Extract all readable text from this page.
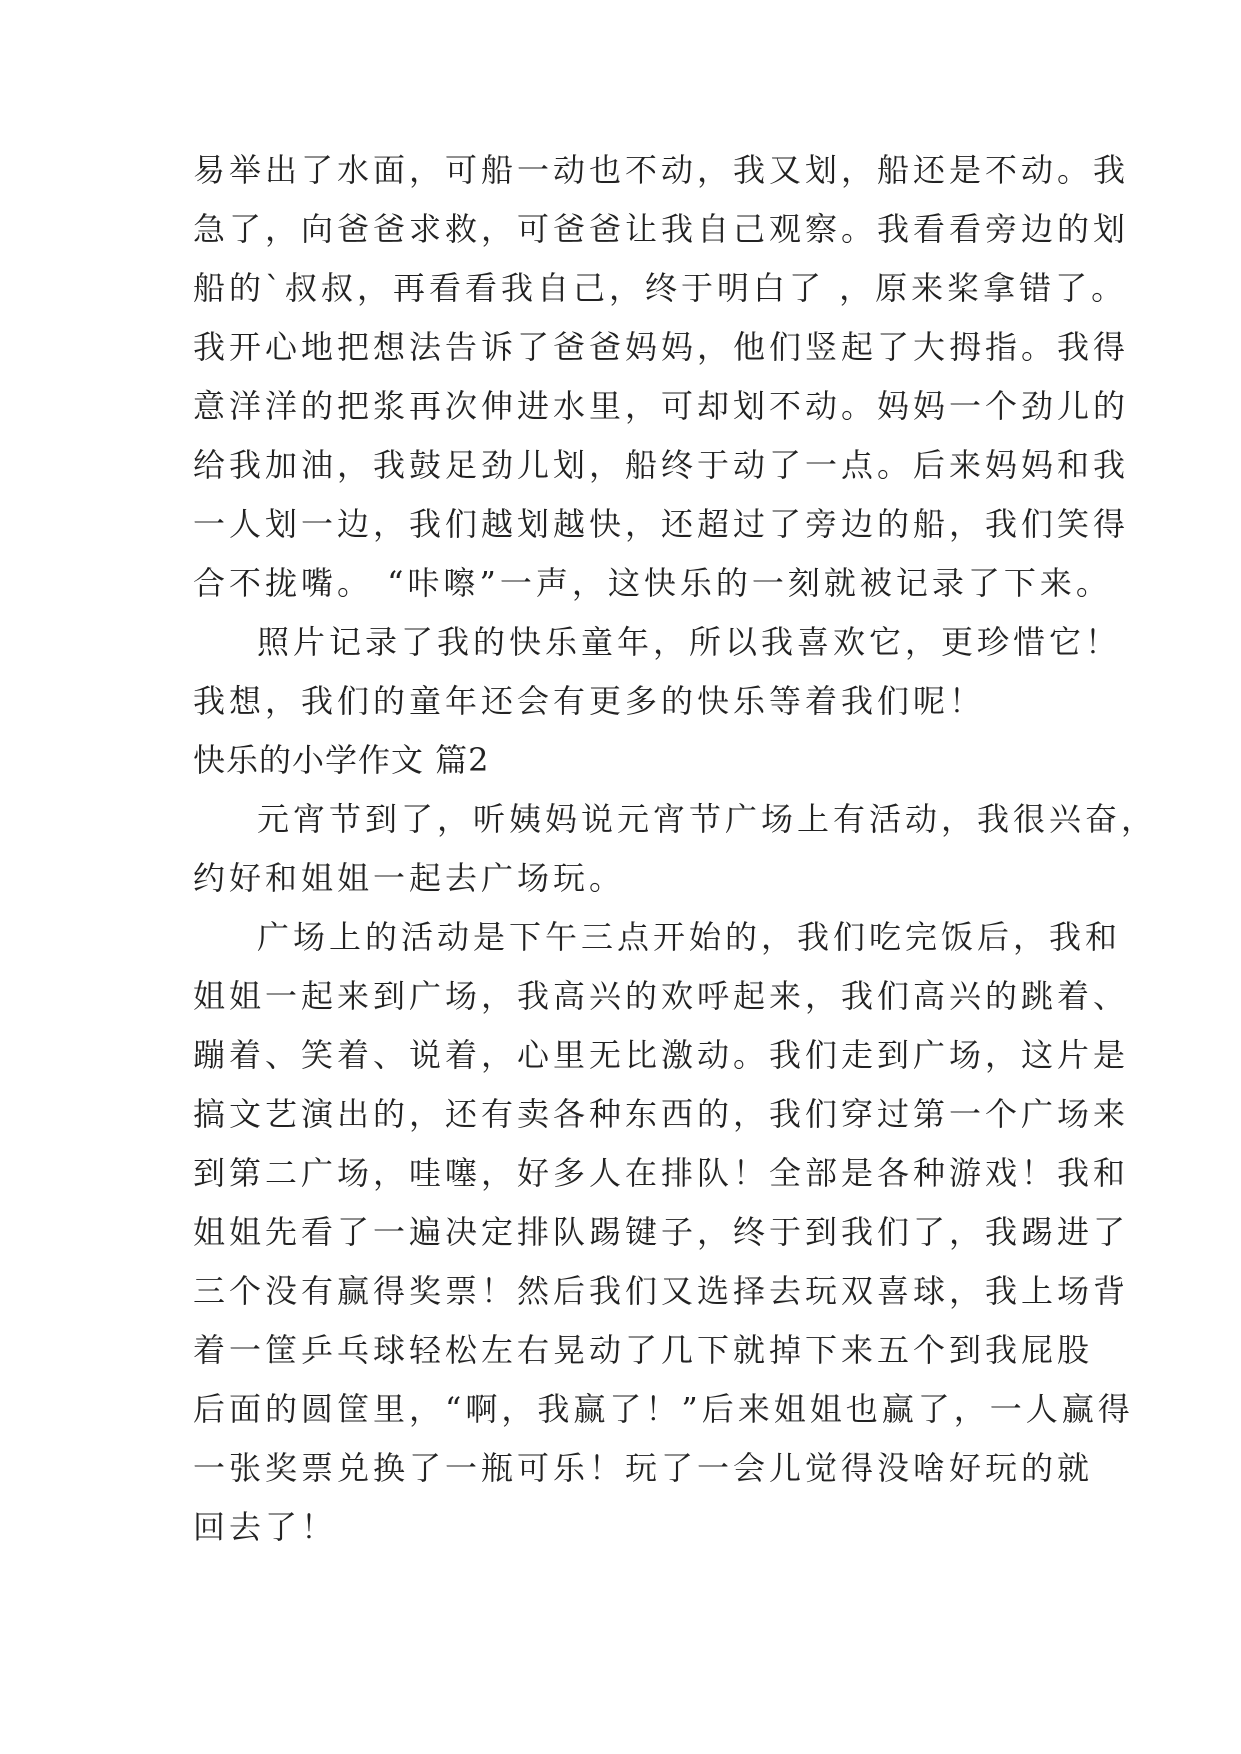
易举出了水面，可船一动也不动，我又划，船还是不动。我
急了，向爸爸求救，可爸爸让我自己观察。我看看旁边的划
船的`叔叔，再看看我自己，终于明白了 ，原来桨拿错了。
我开心地把想法告诉了爸爸妈妈，他们竖起了大拇指。我得
意洋洋的把浆再次伸进水里，可却划不动。妈妈一个劲儿的
给我加油，我鼓足劲儿划，船终于动了一点。后来妈妈和我
一人划一边，我们越划越快，还超过了旁边的船，我们笑得
合不拢嘴。 “咔嚓”一声，这快乐的一刻就被记录了下来。
照片记录了我的快乐童年，所以我喜欢它，更珍惜它！
我想，我们的童年还会有更多的快乐等着我们呢！
快乐的小学作文 篇2
元宵节到了，听姨妈说元宵节广场上有活动，我很兴奋，
约好和姐姐一起去广场玩。
广场上的活动是下午三点开始的，我们吃完饭后，我和
姐姐一起来到广场，我高兴的欢呼起来，我们高兴的跳着、
蹦着、笑着、说着，心里无比激动。我们走到广场，这片是
搞文艺演出的，还有卖各种东西的，我们穿过第一个广场来
到第二广场，哇噻，好多人在排队！全部是各种游戏！我和
姐姐先看了一遍决定排队踢键子，终于到我们了，我踢进了
三个没有赢得奖票！然后我们又选择去玩双喜球，我上场背
着一筐乒乓球轻松左右晃动了几下就掉下来五个到我屁股
后面的圆筐里，“啊，我赢了！”后来姐姐也赢了，一人赢得
一张奖票兑换了一瓶可乐！玩了一会儿觉得没啥好玩的就
回去了！
